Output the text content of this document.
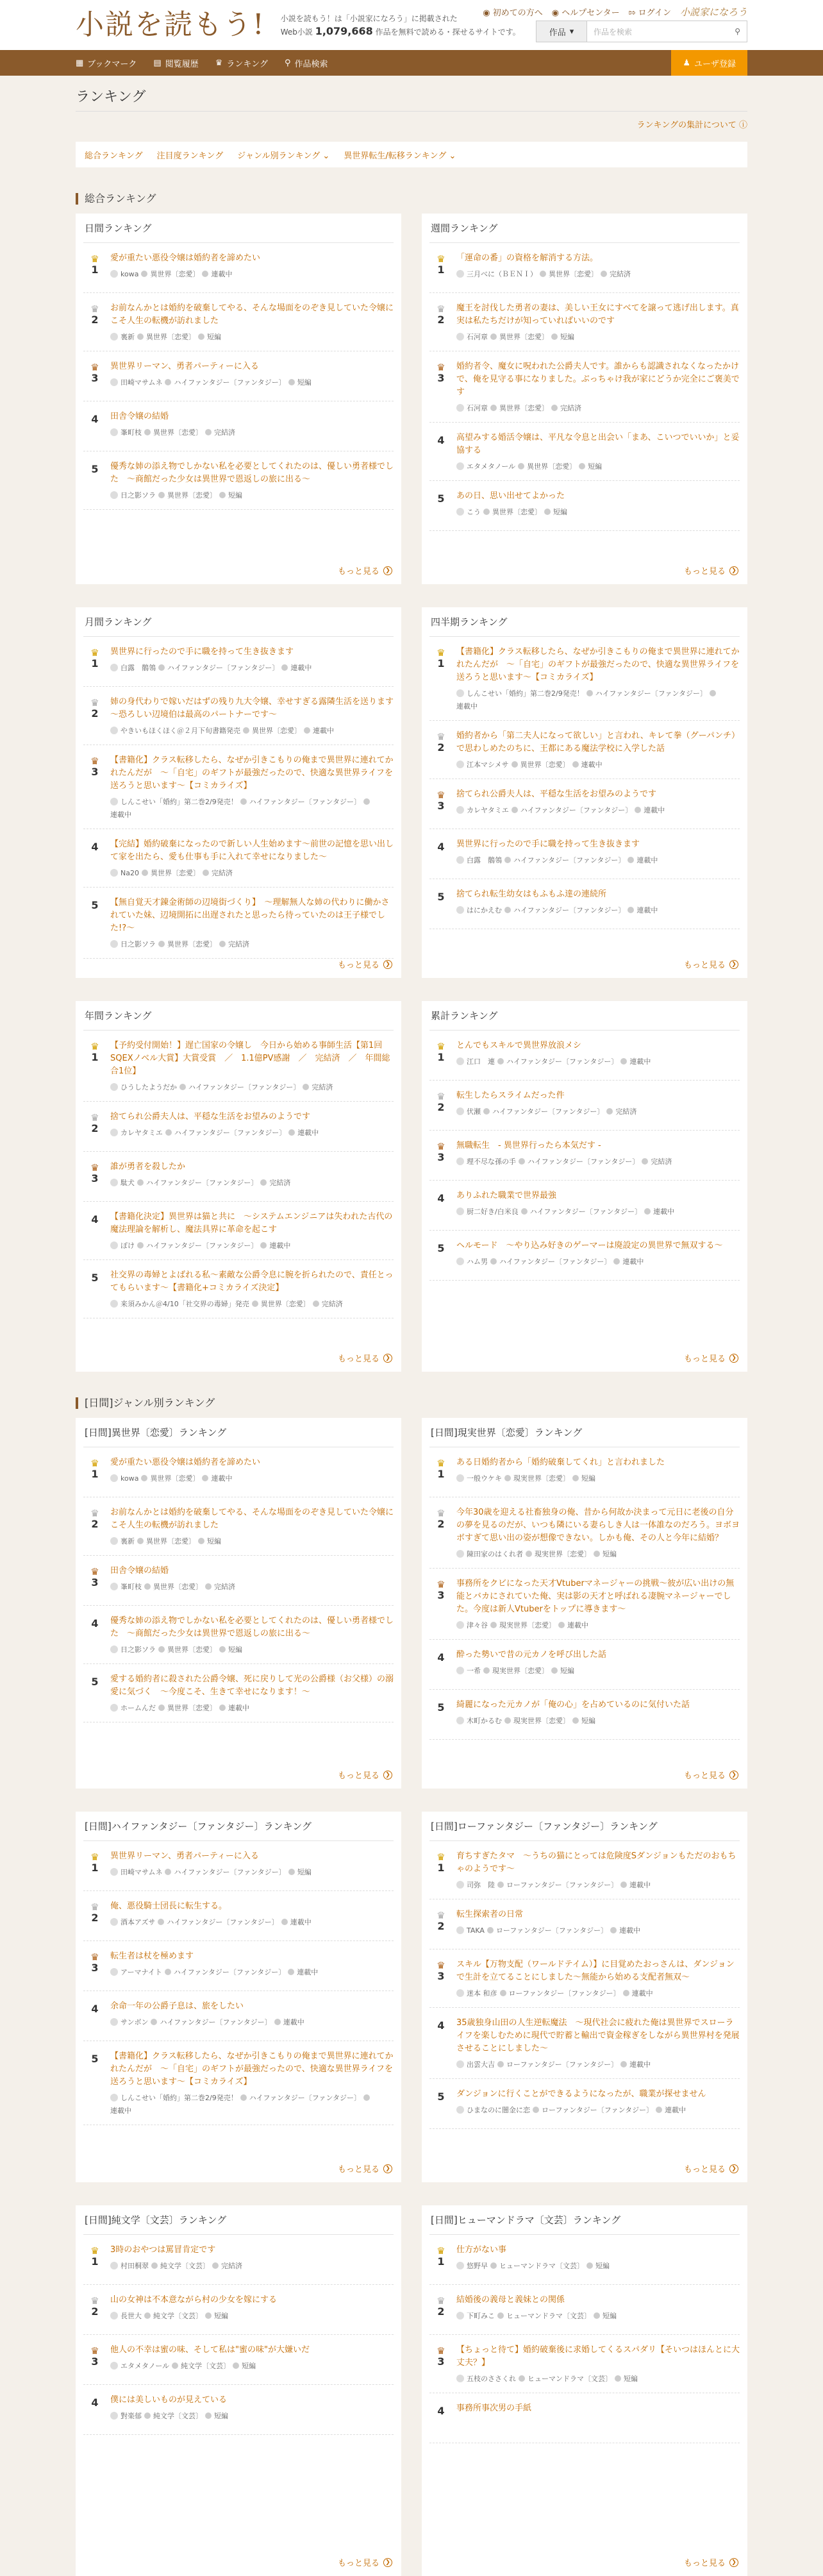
小説を読もう! 小説を読もう！は「小説家になろう」に掲載された
Web小説 1,079,668 作品を無料で読める・探せるサイトです。
◉ 初めての方へ ◉ ヘルプセンター ⇰ ログイン 小説家になろう
作品 ▾	作品を検索	⚲
▦ ブックマーク ▤ 閲覧履歴 ♛ ランキング ⚲ 作品検索	♟ ユーザ登録
ランキング
ランキングの集計について ⓘ
総合ランキング 注目度ランキング ジャンル別ランキング ⌄ 異世界転生/転移ランキング ⌄
総合ランキング
日間ランキング
♛
1
愛が重たい悪役令嬢は婚約者を諦めたい
kowa 異世界〔恋愛〕 連載中
♛
2
お前なんかとは婚約を破棄してやる、そんな場面をのぞき見していた令嬢にこそ人生の転機が訪れました
裏新 異世界〔恋愛〕 短編
♛
3
異世界リーマン、勇者パーティーに入る
田崎マサムネ ハイファンタジー〔ファンタジー〕 短編
4	田舎令嬢の結婚
峯町枝 異世界〔恋愛〕 完結済
5	優秀な姉の添え物でしかない私を必要としてくれたのは、優しい勇者様でした　～商館だった少女は異世界で恩返しの旅に出る～
日之影ソラ 異世界〔恋愛〕 短編
もっと見る	❯
週間ランキング
♛
1
「運命の番」の資格を解消する方法。
三月べに（ＢＥＮＩ） 異世界〔恋愛〕 完結済
♛
2
魔王を討伐した勇者の妻は、美しい王女にすべてを譲って逃げ出します。真実は私たちだけが知っていればいいのです
石河章 異世界〔恋愛〕 短編
♛
3
婚約者令、魔女に呪われた公爵夫人です。誰からも認識されなくなったかけで、俺を見守る事になりました。ぶっちゃけ我が家にどうか完全にご褒美です
石河章 異世界〔恋愛〕 完結済
4	高望みする婚活令嬢は、平凡な令息と出会い「まあ、こいつでいいか」と妥協する
エタメタノール 異世界〔恋愛〕 短編
5	あの日、思い出せてよかった
こう 異世界〔恋愛〕 短編
もっと見る	❯
月間ランキング
♛
1
異世界に行ったので手に職を持って生き抜きます
白露　鶺鴒 ハイファンタジー〔ファンタジー〕 連載中
♛
2
姉の身代わりで嫁いだはずの残り九大令嬢、幸せすぎる露隣生活を送ります～恐ろしい辺境伯は最高のパートナーです～
やきいもほくほく＠２月下旬書籍発売 異世界〔恋愛〕 連載中
♛
3
【書籍化】クラス転移したら、なぜか引きこもりの俺まで異世界に連れてかれたんだが　～「自宅」のギフトが最強だったので、快適な異世界ライフを送ろうと思います～【コミカライズ】
しんこせい「婚約」第二巻2/9発売！ ハイファンタジー〔ファンタジー〕
連載中
4	【完結】婚約破棄になったので新しい人生始めます～前世の記憶を思い出して家を出たら、愛も仕事も手に入れて幸せになりました～
Na20 異世界〔恋愛〕 完結済
5	【無自覚天才錬金術師の辺境街づくり】　～理解無人な姉の代わりに働かされていた妹、辺境開拓に出遅されたと思ったら待っていたのは王子様でした!?～
日之影ソラ 異世界〔恋愛〕 完結済
もっと見る	❯
四半期ランキング
♛
1
【書籍化】クラス転移したら、なぜか引きこもりの俺まで異世界に連れてかれたんだが　～「自宅」のギフトが最強だったので、快適な異世界ライフを送ろうと思います～【コミカライズ】
しんこせい「婚約」第二巻2/9発売！ ハイファンタジー〔ファンタジー〕
連載中
♛
2
婚約者から「第二夫人になって欲しい」と言われ、キレて拳（グーパンチ）で思わしめたのちに、王都にある魔法学校に入学した話
江本マシメサ 異世界〔恋愛〕 連載中
♛
3
捨てられ公爵夫人は、平穏な生活をお望みのようです
カレヤタミエ ハイファンタジー〔ファンタジー〕 連載中
4	異世界に行ったので手に職を持って生き抜きます
白露　鶺鴒 ハイファンタジー〔ファンタジー〕 連載中
5	捨てられ転生幼女はもふもふ達の連続所
はにかえむ ハイファンタジー〔ファンタジー〕 連載中
もっと見る	❯
年間ランキング
♛
1
【予約受付開始！】遅亡国家の令嬢し　今日から始める事師生活【第1回SQEXノベル大賞】大賞受賞　／　1.1億PV感謝　／　完結済　／　年間総合1位】
ひうしたようだか ハイファンタジー〔ファンタジー〕 完結済
♛
2
捨てられ公爵夫人は、平穏な生活をお望みのようです
カレヤタミエ ハイファンタジー〔ファンタジー〕 連載中
♛
3
誰が勇者を殺したか
駄犬 ハイファンタジー〔ファンタジー〕 完結済
4	【書籍化決定】異世界は猫と共に　～システムエンジニアは失われた古代の魔法理論を解析し、魔法具界に革命を起こす
ぽけ ハイファンタジー〔ファンタジー〕 連載中
5	社交界の毒婦とよばれる私～素敵な公爵令息に腕を折られたので、責任とってもらいます～【書籍化+コミカライズ決定】
来須みかん＠4/10「社交界の毒婦」発売 異世界〔恋愛〕 完結済
もっと見る	❯
累計ランキング
♛
1
とんでもスキルで異世界放浪メシ
江口　連 ハイファンタジー〔ファンタジー〕 連載中
♛
2
転生したらスライムだった件
伏瀬 ハイファンタジー〔ファンタジー〕 完結済
♛
3
無職転生　- 異世界行ったら本気だす -
理不尽な孫の手 ハイファンタジー〔ファンタジー〕 完結済
4	ありふれた職業で世界最強
厨二好き/白米良 ハイファンタジー〔ファンタジー〕 連載中
5	ヘルモード　～やり込み好きのゲーマーは廃設定の異世界で無双する～
ハム男 ハイファンタジー〔ファンタジー〕 連載中
もっと見る	❯
[日間]ジャンル別ランキング
[日間]異世界〔恋愛〕ランキング
♛
1
愛が重たい悪役令嬢は婚約者を諦めたい
kowa 異世界〔恋愛〕 連載中
♛
2
お前なんかとは婚約を破棄してやる、そんな場面をのぞき見していた令嬢にこそ人生の転機が訪れました
裏新 異世界〔恋愛〕 短編
♛
3
田舎令嬢の結婚
峯町枝 異世界〔恋愛〕 完結済
4	優秀な姉の添え物でしかない私を必要としてくれたのは、優しい勇者様でした　～商館だった少女は異世界で恩返しの旅に出る～
日之影ソラ 異世界〔恋愛〕 短編
5	愛する婚約者に殺された公爵令嬢、死に戻りして光の公爵様（お父様）の溺愛に気づく　～今度こそ、生きて幸せになります！～
ホームんだ 異世界〔恋愛〕 連載中
もっと見る	❯
[日間]現実世界〔恋愛〕ランキング
♛
1
ある日婚約者から「婚約破棄してくれ」と言われました
一般ウケキ 現実世界〔恋愛〕 短編
♛
2
今年30歳を迎える社畜独身の俺、昔から何故か決まって元日に老後の自分の夢を見るのだが、いつも隣にいる妻らしき人は一体誰なのだろう。ヨボヨボすぎて思い出の姿が想像できない。しかも俺、その人と今年に結婚？
陳田家のはくれ者 現実世界〔恋愛〕 短編
♛
3
事務所をクビになった天才Vtuberマネージャーの挑戦～彼が広い出けの無能とバカにされていた俺、実は影の天才と呼ばれる凄腕マネージャーでした。今度は新人Vtuberをトップに導きます～
津々谷 現実世界〔恋愛〕 連載中
4	酔った勢いで昔の元カノを呼び出した話
一希 現実世界〔恋愛〕 短編
5	綺麗になった元カノが「俺の心」を占めているのに気付いた話
木町かるむ 現実世界〔恋愛〕 短編
もっと見る	❯
[日間]ハイファンタジー〔ファンタジー〕ランキング
♛
1
異世界リーマン、勇者パーティーに入る
田崎マサムネ ハイファンタジー〔ファンタジー〕 短編
♛
2
俺、悪役騎士団長に転生する。
酒本アズサ ハイファンタジー〔ファンタジー〕 連載中
♛
3
転生者は杖を極めます
アーマナイト ハイファンタジー〔ファンタジー〕 連載中
4	余命一年の公爵子息は、旅をしたい
サンボン ハイファンタジー〔ファンタジー〕 連載中
5	【書籍化】クラス転移したら、なぜか引きこもりの俺まで異世界に連れてかれたんだが　～「自宅」のギフトが最強だったので、快適な異世界ライフを送ろうと思います～【コミカライズ】
しんこせい「婚約」第二巻2/9発売！ ハイファンタジー〔ファンタジー〕
連載中
もっと見る	❯
[日間]ローファンタジー〔ファンタジー〕ランキング
♛
1
育ちすぎたタマ　～うちの猫にとっては危険度Sダンジョンもただのおもちゃのようです～
司弥　陸 ローファンタジー〔ファンタジー〕 連載中
♛
2
転生探索者の日常
TAKA ローファンタジー〔ファンタジー〕 連載中
♛
3
スキル【万物支配（ワールドテイム）】に目覚めたおっさんは、ダンジョンで生計を立てることにしました～無能から始める支配者無双～
迷本 和彦 ローファンタジー〔ファンタジー〕 連載中
4	35歳独身山田の人生逆転魔法　～現代社会に疲れた俺は異世界でスローライフを楽しむために現代で貯蓄と輸出で資金稼ぎをしながら異世界村を発展させることにしました～
出雲大吉 ローファンタジー〔ファンタジー〕 連載中
5	ダンジョンに行くことができるようになったが、職業が探せません
ひまなのに闇金に恋 ローファンタジー〔ファンタジー〕 連載中
もっと見る	❯
[日間]純文学〔文芸〕ランキング
♛
1
3時のおやつは罵冒肯定です
村田桐翠 純文学〔文芸〕 完結済
♛
2
山の女神は不本意ながら村の少女を嫁にする
長世大 純文学〔文芸〕 短編
♛
3
他人の不幸は蜜の味、そして私は"蜜の味"が大嫌いだ
エタメタノール 純文学〔文芸〕 短編
4	僕には美しいものが見えている
對楽郁 純文学〔文芸〕 短編
もっと見る	❯
[日間]ヒューマンドラマ〔文芸〕ランキング
♛
1
仕方がない事
悠野早 ヒューマンドラマ〔文芸〕 短編
♛
2
結婚後の義母と義妹との関係
下町みこ ヒューマンドラマ〔文芸〕 短編
♛
3
【ちょっと待て】婚約破棄後に求婚してくるスパダリ【そいつはほんとに大丈夫？】
五枝のささくれ ヒューマンドラマ〔文芸〕 短編
4	事務所事次男の手紙
もっと見る	❯
